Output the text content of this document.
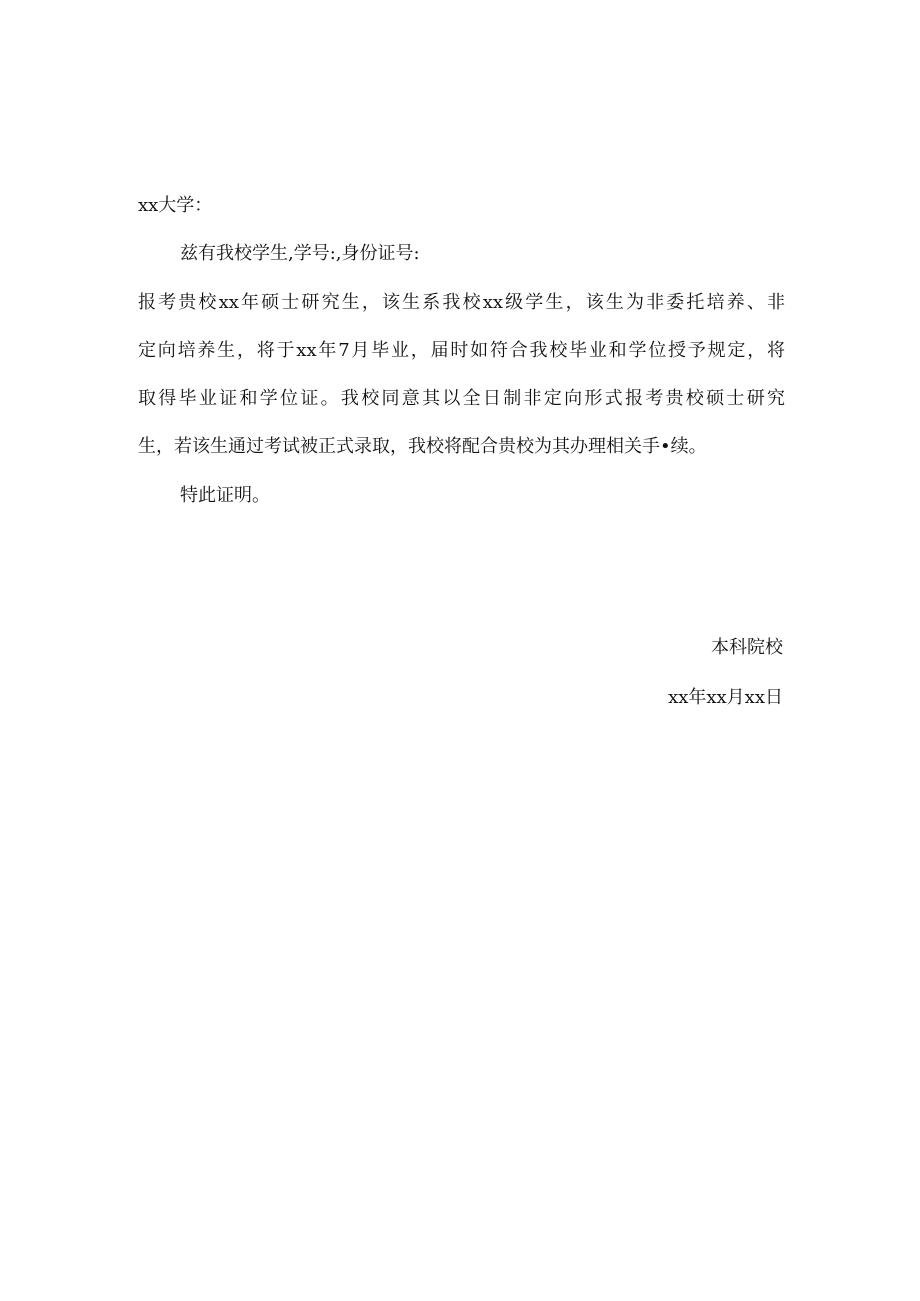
xx大学：
兹有我校学生,学号:,身份证号:
报考贵校xx年硕士研究生，该生系我校xx级学生，该生为非委托培养、非
定向培养生，将于xx年7月毕业，届时如符合我校毕业和学位授予规定，将
取得毕业证和学位证。我校同意其以全日制非定向形式报考贵校硕士研究
生，若该生通过考试被正式录取，我校将配合贵校为其办理相关手•续。
特此证明。
本科院校
xx年xx月xx日
